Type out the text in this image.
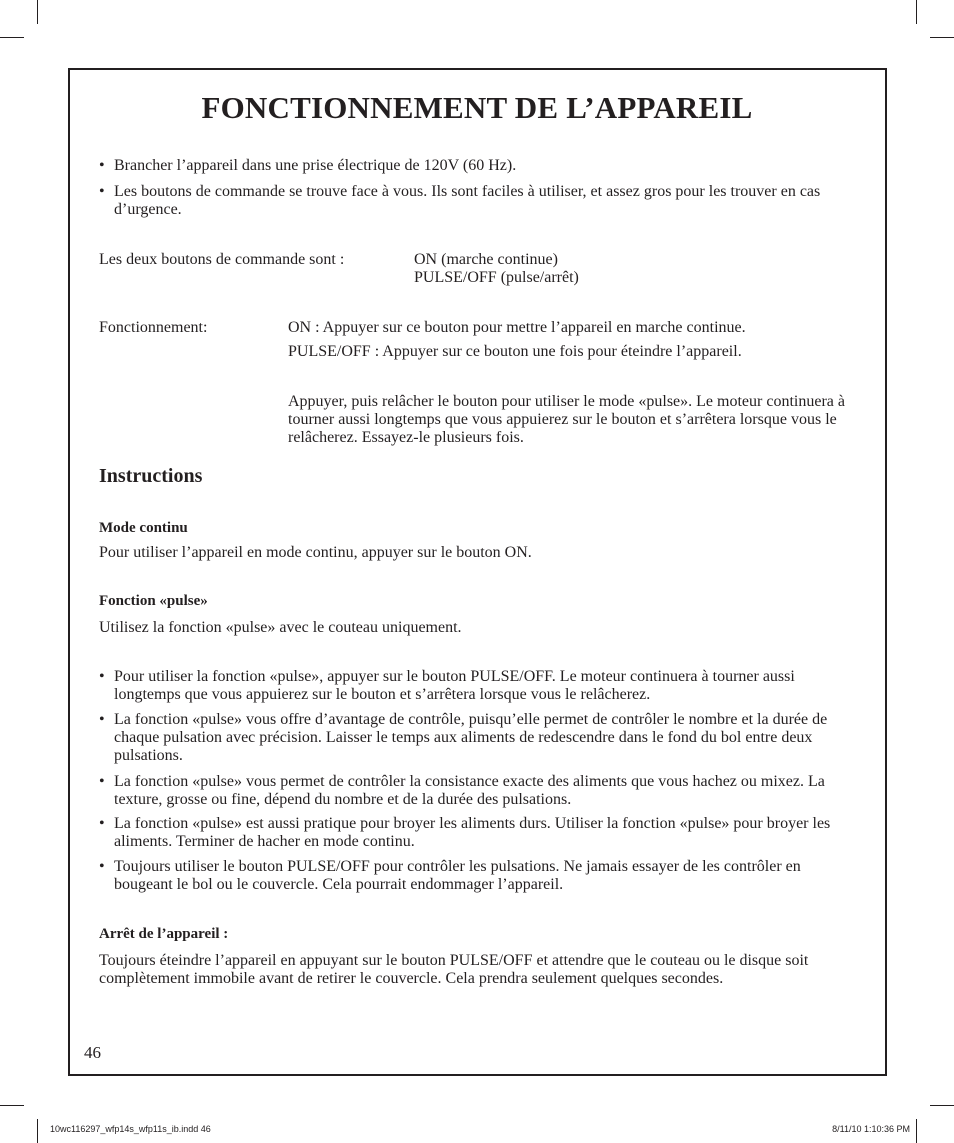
FONCTIONNEMENT DE L’APPAREIL
• Brancher l’appareil dans une prise électrique de 120V (60 Hz).
• Les boutons de commande se trouve face à vous. Ils sont faciles à utiliser, et assez gros pour les trouver en cas d’urgence.
Les deux boutons de commande sont :	ON (marche continue)
PULSE/OFF (pulse/arrêt)
Fonctionnement:	ON : Appuyer sur ce bouton pour mettre l’appareil en marche continue.
PULSE/OFF : Appuyer sur ce bouton une fois pour éteindre l’appareil.
Appuyer, puis relâcher le bouton pour utiliser le mode «pulse». Le moteur continuera à tourner aussi longtemps que vous appuierez sur le bouton et s’arrêtera lorsque vous le relâcherez. Essayez-le plusieurs fois.
Instructions
Mode continu
Pour utiliser l’appareil en mode continu, appuyer sur le bouton ON.
Fonction «pulse»
Utilisez la fonction «pulse» avec le couteau uniquement.
• Pour utiliser la fonction «pulse», appuyer sur le bouton PULSE/OFF. Le moteur continuera à tourner aussi longtemps que vous appuierez sur le bouton et s’arrêtera lorsque vous le relâcherez.
• La fonction «pulse» vous offre d’avantage de contrôle, puisqu’elle permet de contrôler le nombre et la durée de chaque pulsation avec précision. Laisser le temps aux aliments de redescendre dans le fond du bol entre deux pulsations.
• La fonction «pulse» vous permet de contrôler la consistance exacte des aliments que vous hachez ou mixez. La texture, grosse ou fine, dépend du nombre et de la durée des pulsations.
• La fonction «pulse» est aussi pratique pour broyer les aliments durs. Utiliser la fonction «pulse» pour broyer les aliments. Terminer de hacher en mode continu.
• Toujours utiliser le bouton PULSE/OFF pour contrôler les pulsations. Ne jamais essayer de les contrôler en bougeant le bol ou le couvercle. Cela pourrait endommager l’appareil.
Arrêt de l’appareil :
Toujours éteindre l’appareil en appuyant sur le bouton PULSE/OFF et attendre que le couteau ou le disque soit complètement immobile avant de retirer le couvercle. Cela prendra seulement quelques secondes.
46
10wc116297_wfp14s_wfp11s_ib.indd 46	8/11/10 1:10:36 PM
